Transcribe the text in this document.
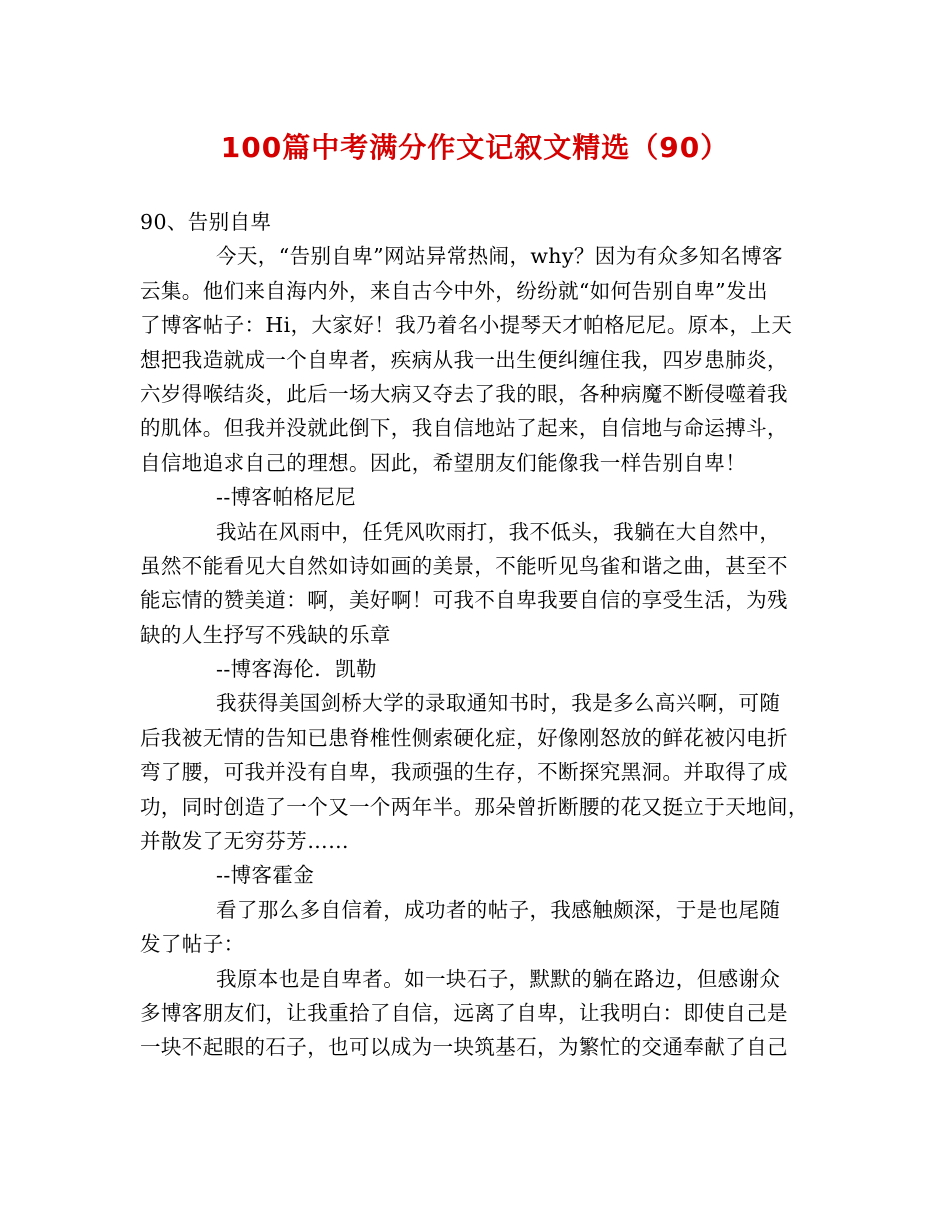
100篇中考满分作文记叙文精选（90）
90、告别自卑
今天，“告别自卑”网站异常热闹，why？因为有众多知名博客
云集。他们来自海内外，来自古今中外，纷纷就“如何告别自卑”发出
了博客帖子：Hi，大家好！我乃着名小提琴天才帕格尼尼。原本，上天
想把我造就成一个自卑者，疾病从我一出生便纠缠住我，四岁患肺炎，
六岁得喉结炎，此后一场大病又夺去了我的眼，各种病魔不断侵噬着我
的肌体。但我并没就此倒下，我自信地站了起来，自信地与命运搏斗，
自信地追求自己的理想。因此，希望朋友们能像我一样告别自卑！
--博客帕格尼尼
我站在风雨中，任凭风吹雨打，我不低头，我躺在大自然中，
虽然不能看见大自然如诗如画的美景，不能听见鸟雀和谐之曲，甚至不
能忘情的赞美道：啊，美好啊！可我不自卑我要自信的享受生活，为残
缺的人生抒写不残缺的乐章
--博客海伦．凯勒
我获得美国剑桥大学的录取通知书时，我是多么高兴啊，可随
后我被无情的告知已患脊椎性侧索硬化症，好像刚怒放的鲜花被闪电折
弯了腰，可我并没有自卑，我顽强的生存，不断探究黑洞。并取得了成
功，同时创造了一个又一个两年半。那朵曾折断腰的花又挺立于天地间，
并散发了无穷芬芳……
--博客霍金
看了那么多自信着，成功者的帖子，我感触颇深，于是也尾随
发了帖子：
我原本也是自卑者。如一块石子，默默的躺在路边，但感谢众
多博客朋友们，让我重拾了自信，远离了自卑，让我明白：即使自己是
一块不起眼的石子，也可以成为一块筑基石，为繁忙的交通奉献了自己
